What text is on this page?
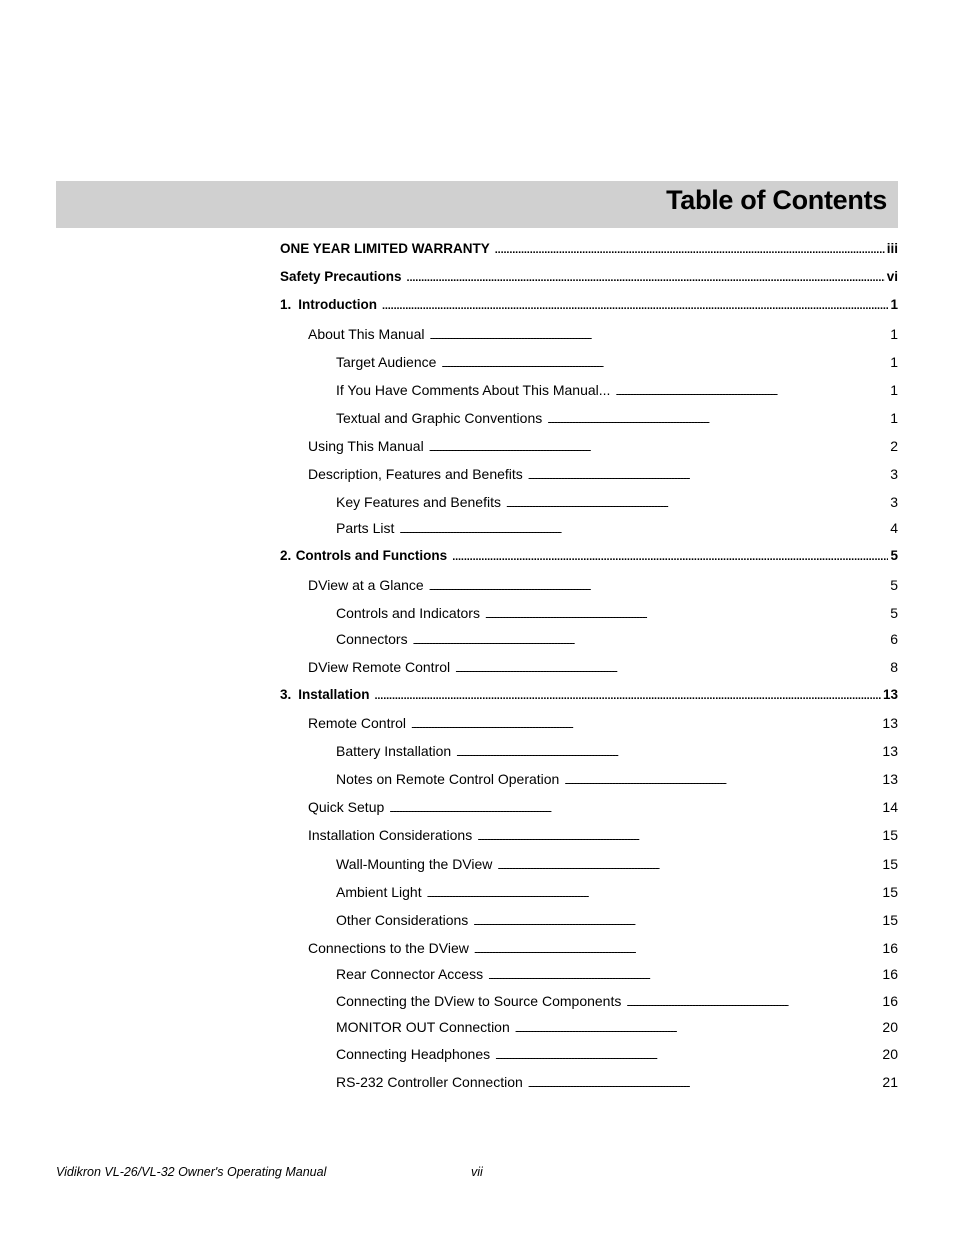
Table of Contents
ONE YEAR LIMITED WARRANTY . . .	iii
Safety Precautions . . .	vi
1. Introduction . . .	1
About This Manual . . .	1
Target Audience . . .	1
If You Have Comments About This Manual... . . .	1
Textual and Graphic Conventions . . .	1
Using This Manual . . .	2
Description, Features and Benefits . . .	3
Key Features and Benefits . . .	3
Parts List . . .	4
2. Controls and Functions . . .	5
DView at a Glance . . .	5
Controls and Indicators . . .	5
Connectors . . .	6
DView Remote Control . . .	8
3. Installation . . .	13
Remote Control . . .	13
Battery Installation . . .	13
Notes on Remote Control Operation . . .	13
Quick Setup . . .	14
Installation Considerations . . .	15
Wall-Mounting the DView . . .	15
Ambient Light . . .	15
Other Considerations . . .	15
Connections to the DView . . .	16
Rear Connector Access . . .	16
Connecting the DView to Source Components . . .	16
MONITOR OUT Connection . . .	20
Connecting Headphones . . .	20
RS-232 Controller Connection . . .	21
Vidikron VL-26/VL-32 Owner's Operating Manual	vii
